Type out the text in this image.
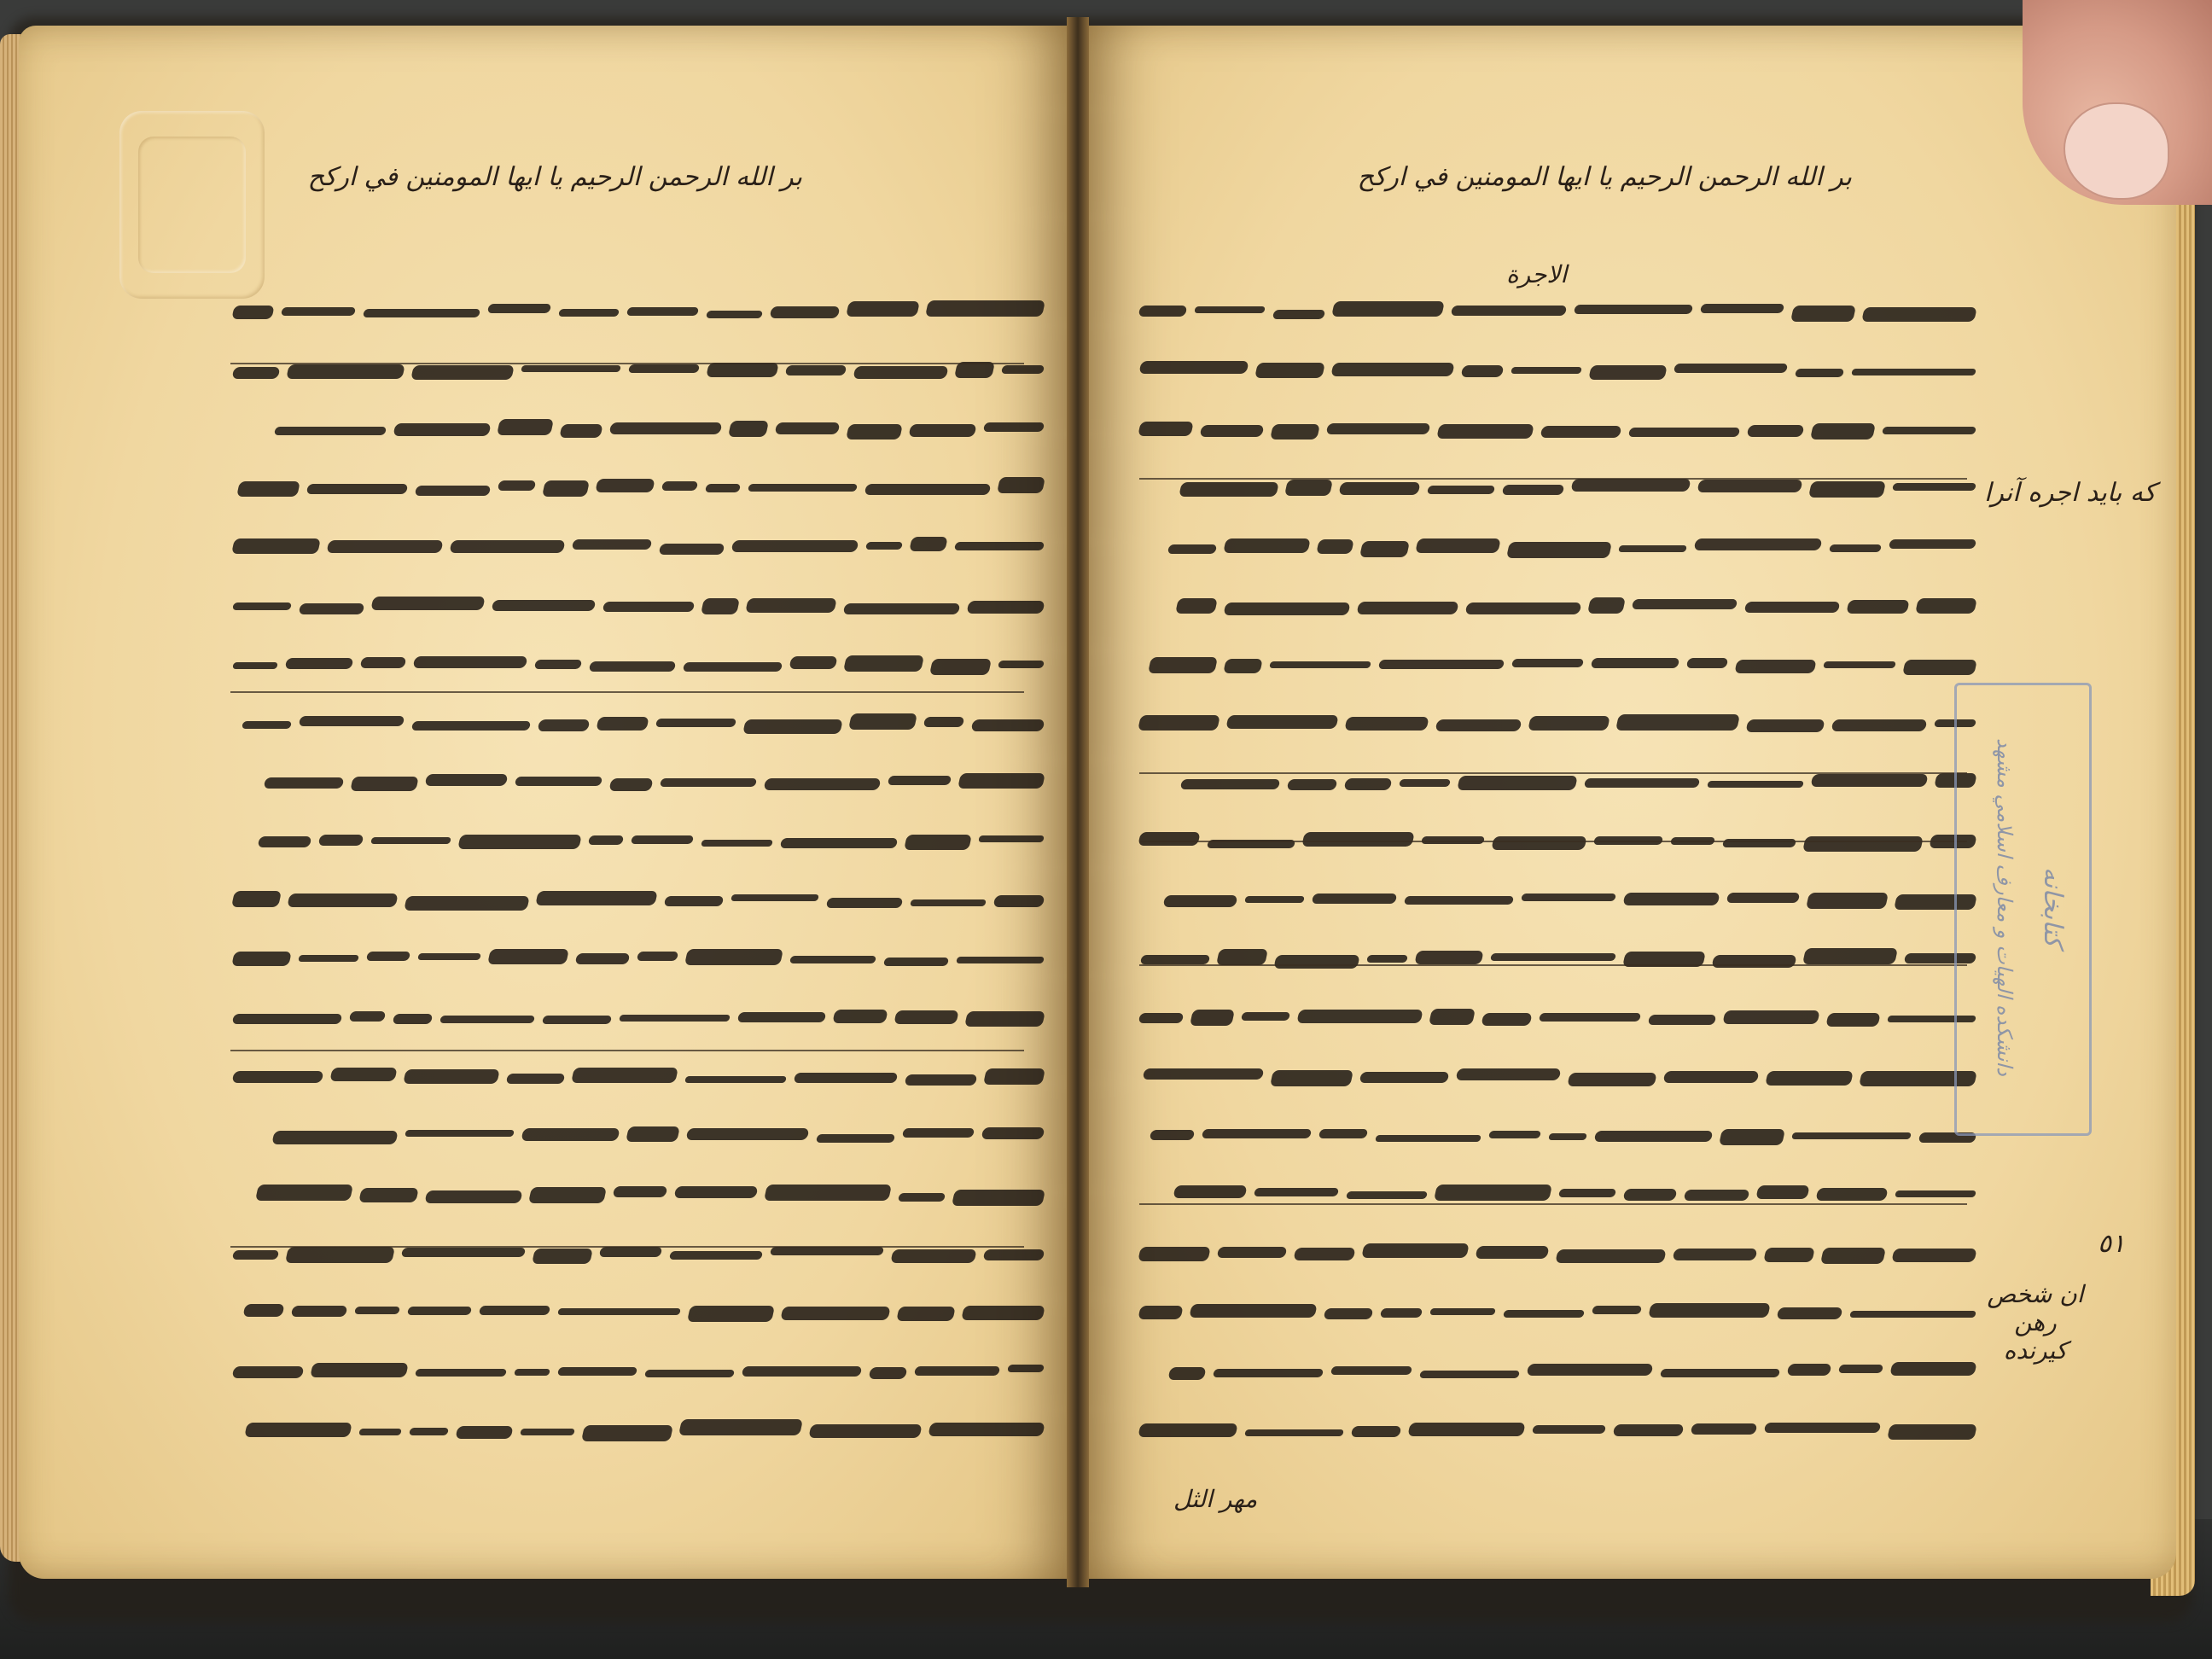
بر الله الرحمن الرحيم يا ايها المومنين في اركح	بر الله الرحمن الرحيم يا ايها المومنين في اركح
الاجرة
كه بايد اجره آنرا
ان شخص رهن كيرنده
كتابخانه
دانشكده الهيات و معارف اسلامي مشهد
٥١
مهر الثل
